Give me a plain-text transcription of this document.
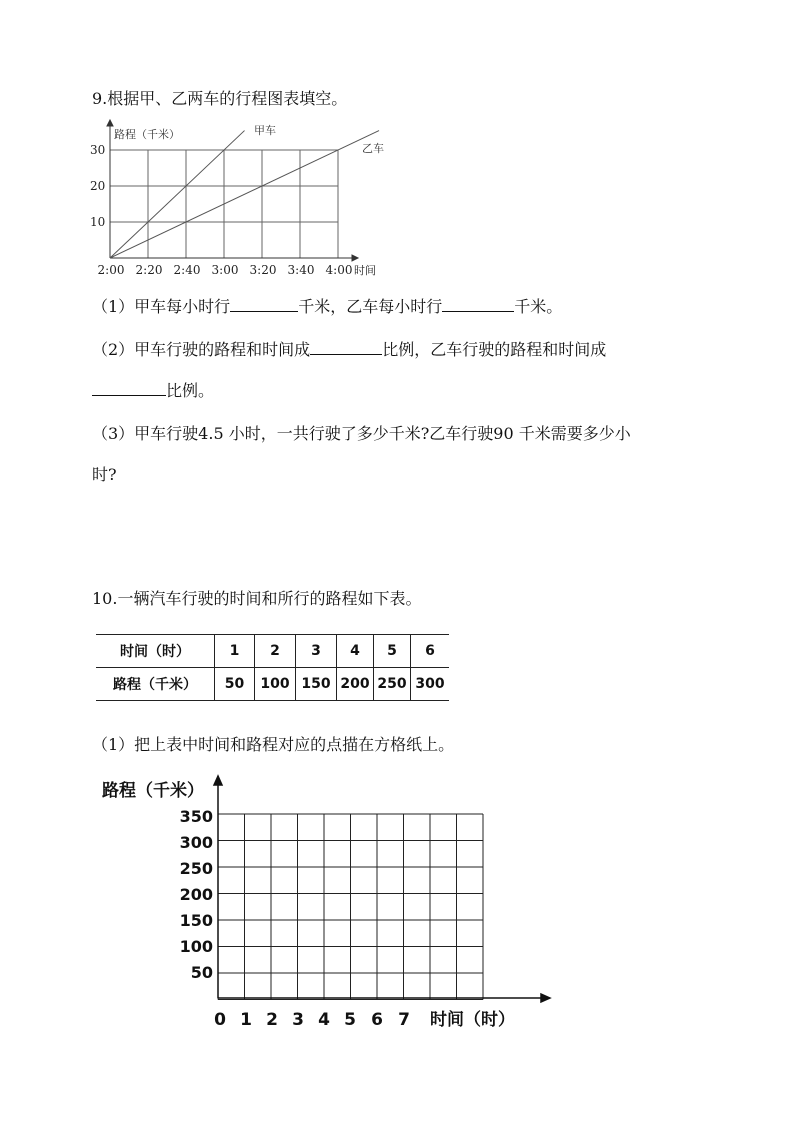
9.根据甲、乙两车的行程图表填空。
路程（千米）	甲车
乙车
30
20
10
2:00 2:20 2:40 3:00 3:20 3:40 4:00 时间
（1）甲车每小时行	千米，乙车每小时行	千米。
（2）甲车行驶的路程和时间成	比例，乙车行驶的路程和时间成
比例。
（3）甲车行驶4.5 小时，一共行驶了多少千米?乙车行驶90 千米需要多少小
时?
10.一辆汽车行驶的时间和所行的路程如下表。
时间（时）	1	2	3	4	5	6
路程（千米）	50	100	150	200	250	300
（1）把上表中时间和路程对应的点描在方格纸上。
路程（千米）
350
300
250
200
150
100
50
0 1 2 3 4 5 6 7 时间（时）
